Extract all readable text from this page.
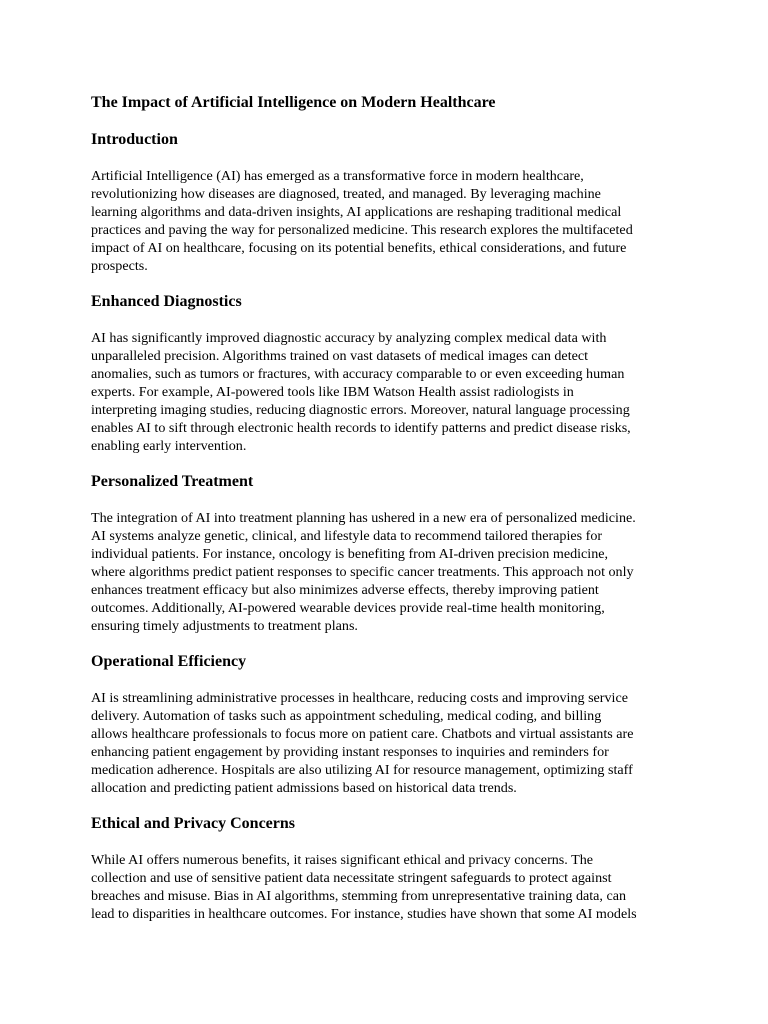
The Impact of Artificial Intelligence on Modern Healthcare
Introduction
Artificial Intelligence (AI) has emerged as a transformative force in modern healthcare,
revolutionizing how diseases are diagnosed, treated, and managed. By leveraging machine
learning algorithms and data-driven insights, AI applications are reshaping traditional medical
practices and paving the way for personalized medicine. This research explores the multifaceted
impact of AI on healthcare, focusing on its potential benefits, ethical considerations, and future
prospects.
Enhanced Diagnostics
AI has significantly improved diagnostic accuracy by analyzing complex medical data with
unparalleled precision. Algorithms trained on vast datasets of medical images can detect
anomalies, such as tumors or fractures, with accuracy comparable to or even exceeding human
experts. For example, AI-powered tools like IBM Watson Health assist radiologists in
interpreting imaging studies, reducing diagnostic errors. Moreover, natural language processing
enables AI to sift through electronic health records to identify patterns and predict disease risks,
enabling early intervention.
Personalized Treatment
The integration of AI into treatment planning has ushered in a new era of personalized medicine.
AI systems analyze genetic, clinical, and lifestyle data to recommend tailored therapies for
individual patients. For instance, oncology is benefiting from AI-driven precision medicine,
where algorithms predict patient responses to specific cancer treatments. This approach not only
enhances treatment efficacy but also minimizes adverse effects, thereby improving patient
outcomes. Additionally, AI-powered wearable devices provide real-time health monitoring,
ensuring timely adjustments to treatment plans.
Operational Efficiency
AI is streamlining administrative processes in healthcare, reducing costs and improving service
delivery. Automation of tasks such as appointment scheduling, medical coding, and billing
allows healthcare professionals to focus more on patient care. Chatbots and virtual assistants are
enhancing patient engagement by providing instant responses to inquiries and reminders for
medication adherence. Hospitals are also utilizing AI for resource management, optimizing staff
allocation and predicting patient admissions based on historical data trends.
Ethical and Privacy Concerns
While AI offers numerous benefits, it raises significant ethical and privacy concerns. The
collection and use of sensitive patient data necessitate stringent safeguards to protect against
breaches and misuse. Bias in AI algorithms, stemming from unrepresentative training data, can
lead to disparities in healthcare outcomes. For instance, studies have shown that some AI models
